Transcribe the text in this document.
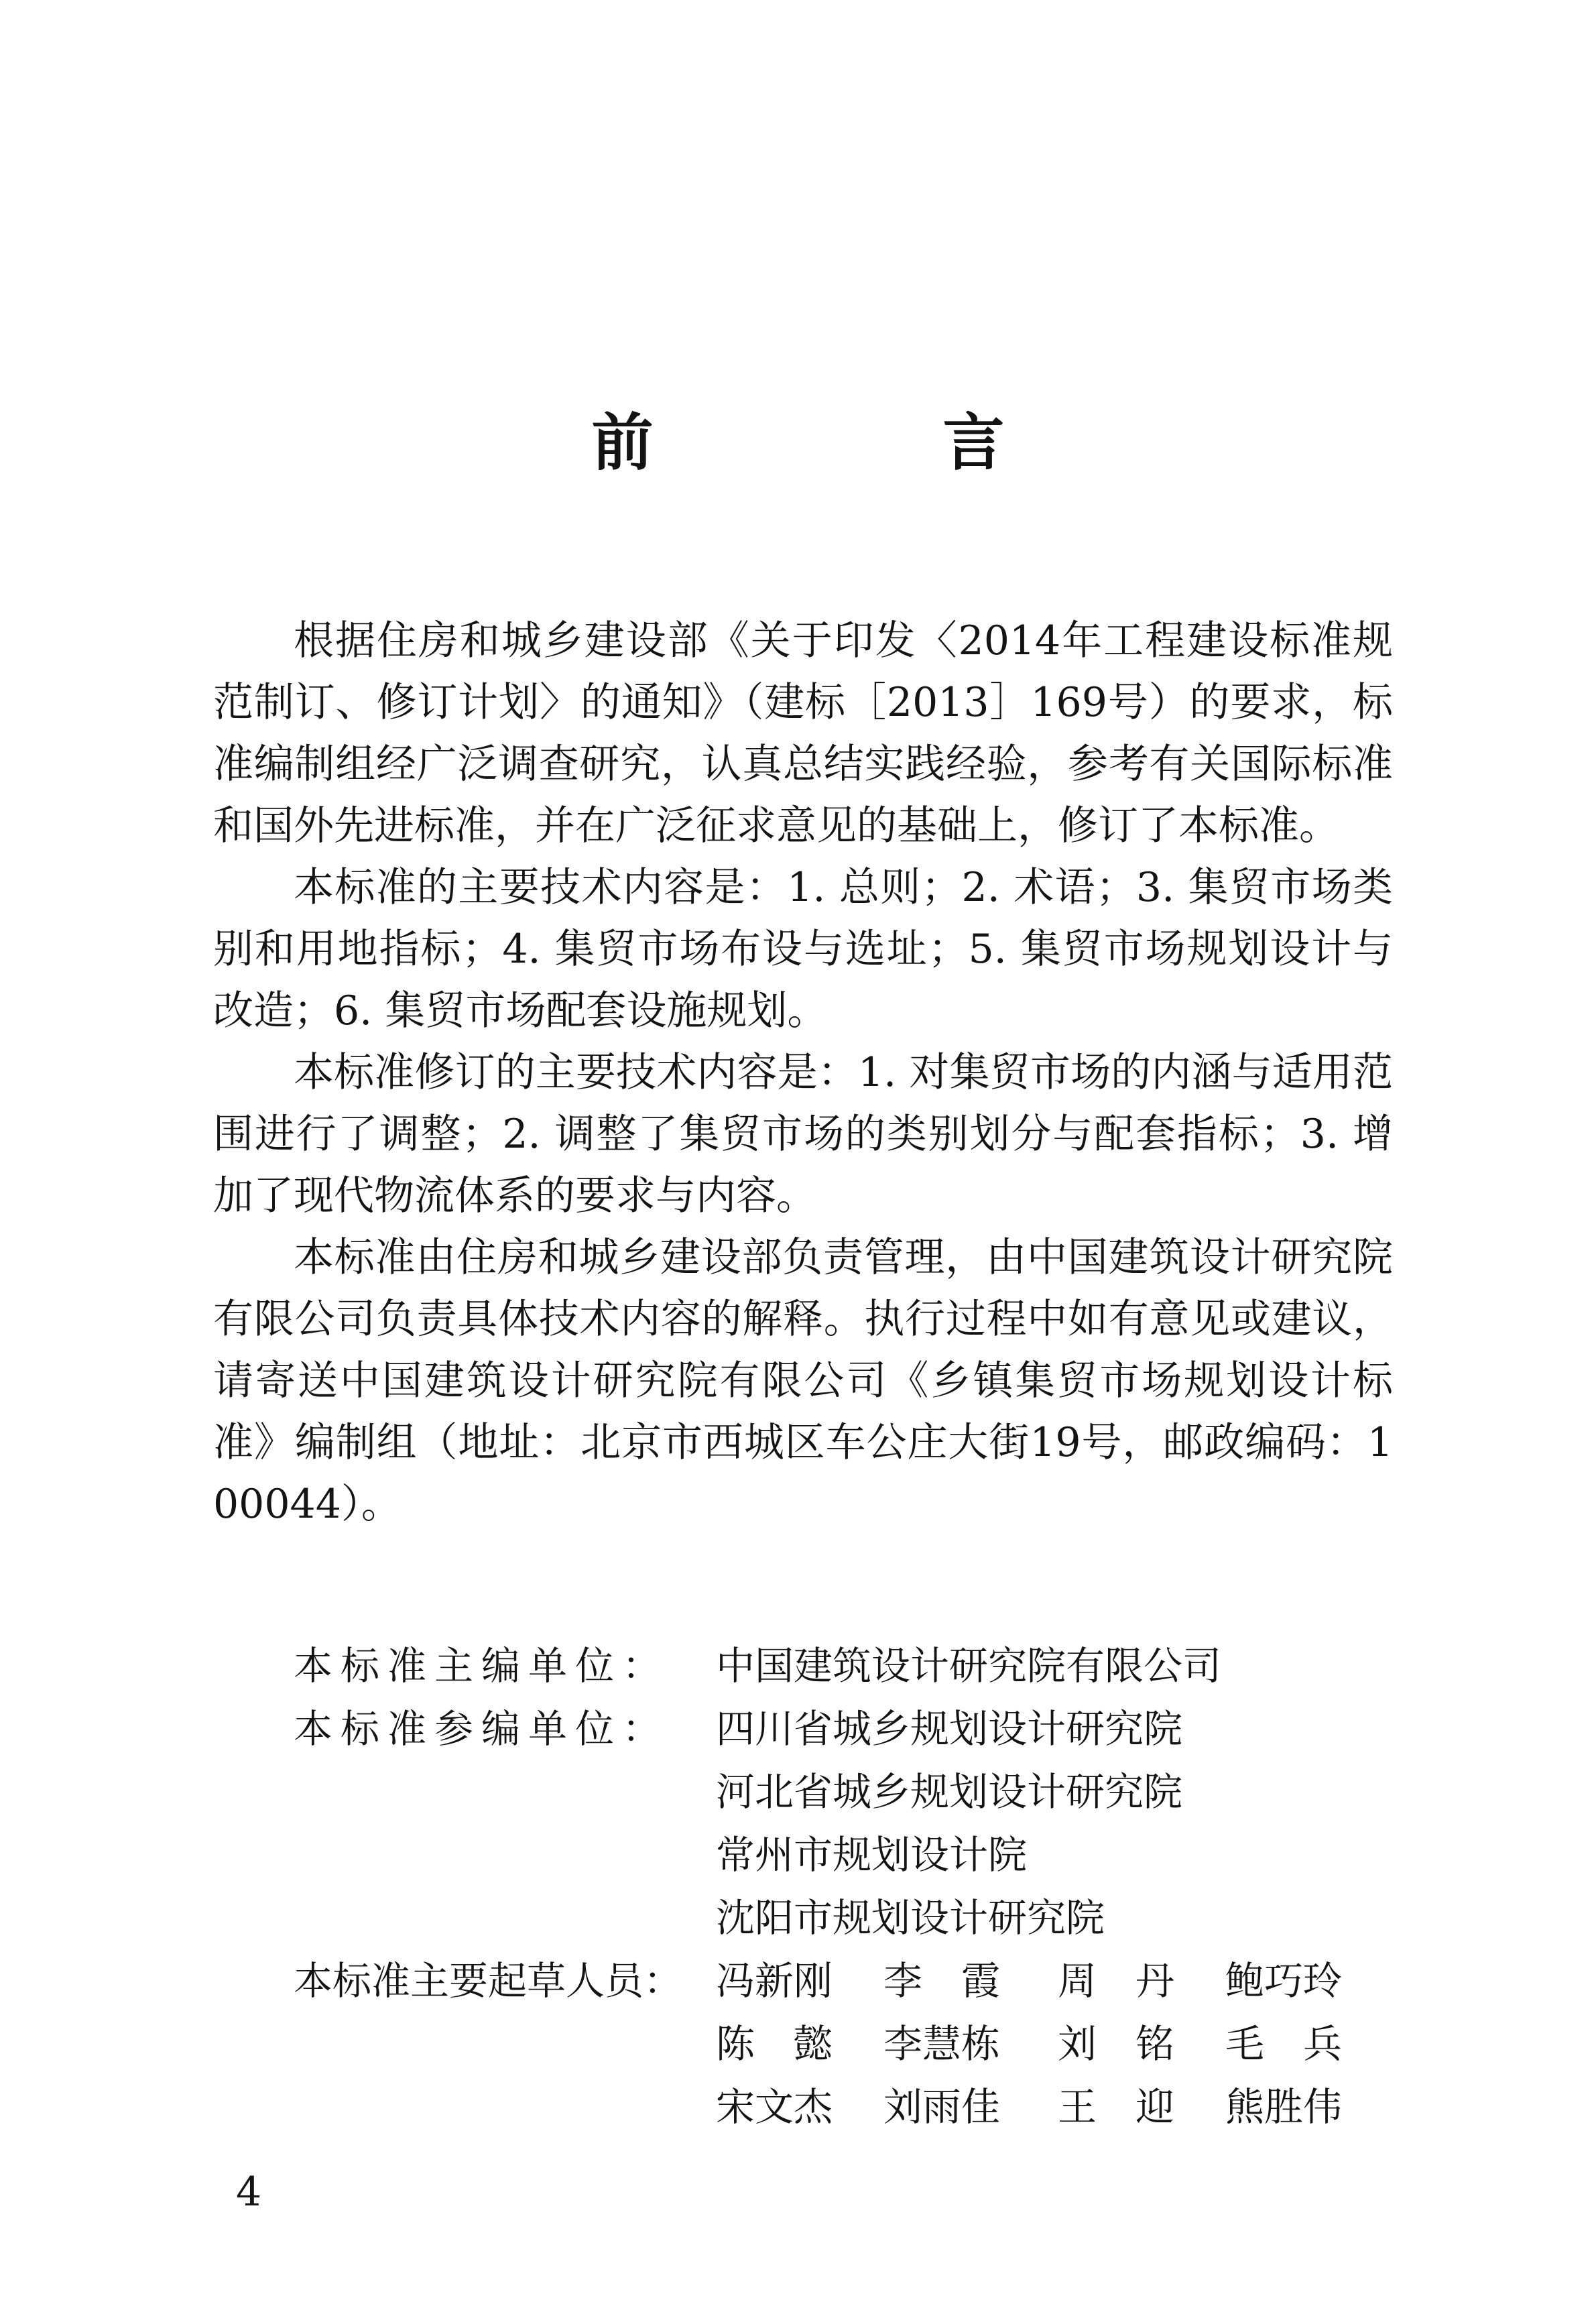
前　言

根据住房和城乡建设部《关于印发〈2014年工程建设标准规范制订、修订计划〉的通知》（建标［2013］169号）的要求，标准编制组经广泛调查研究，认真总结实践经验，参考有关国际标准和国外先进标准，并在广泛征求意见的基础上，修订了本标准。

本标准的主要技术内容是：1. 总则；2. 术语；3. 集贸市场类别和用地指标；4. 集贸市场布设与选址；5. 集贸市场规划设计与改造；6. 集贸市场配套设施规划。

本标准修订的主要技术内容是：1. 对集贸市场的内涵与适用范围进行了调整；2. 调整了集贸市场的类别划分与配套指标；3. 增加了现代物流体系的要求与内容。

本标准由住房和城乡建设部负责管理，由中国建筑设计研究院有限公司负责具体技术内容的解释。执行过程中如有意见或建议，请寄送中国建筑设计研究院有限公司《乡镇集贸市场规划设计标准》编制组（地址：北京市西城区车公庄大街19号，邮政编码：100044）。

本标准主编单位：	中国建筑设计研究院有限公司
本标准参编单位：	四川省城乡规划设计研究院
河北省城乡规划设计研究院
常州市规划设计院
沈阳市规划设计研究院
本标准主要起草人员： 冯新刚	李　霞	周　丹	鲍巧玲
陈　懿	李慧栋	刘　铭	毛　兵
宋文杰	刘雨佳	王　迎	熊胜伟
4
